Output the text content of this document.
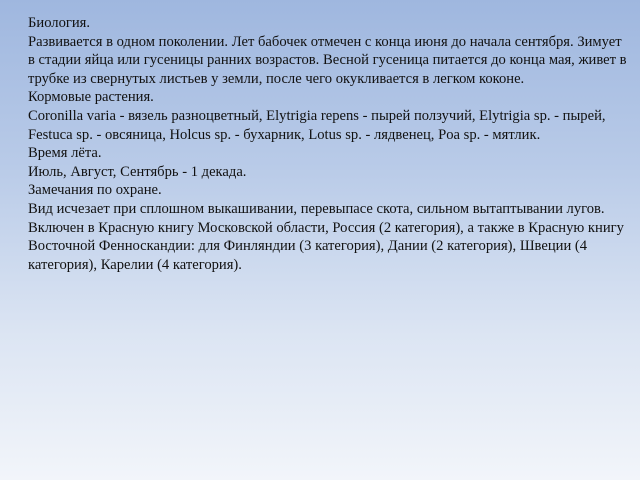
Биология.

Развивается в одном поколении. Лет бабочек отмечен с конца июня до начала сентября. Зимует в стадии яйца или гусеницы ранних возрастов. Весной гусеница питается до конца мая, живет в трубке из свернутых листьев у земли, после чего окукливается в легком коконе.

Кормовые растения.

Coronilla varia - вязель разноцветный, Elytrigia repens - пырей ползучий, Elytrigia sp. - пырей, Festuca sp. - овсяница, Holcus sp. - бухарник, Lotus sp. - лядвенец, Poa sp. - мятлик.

Время лёта.

Июль, Август, Сентябрь - 1 декада.

Замечания по охране.

Вид исчезает при сплошном выкашивании, перевыпасе скота, сильном вытаптывании лугов. Включен в Красную книгу Московской области, Россия (2 категория), а также в Красную книгу Восточной Фенноскандии: для Финляндии (3 категория), Дании (2 категория), Швеции (4 категория), Карелии (4 категория).
